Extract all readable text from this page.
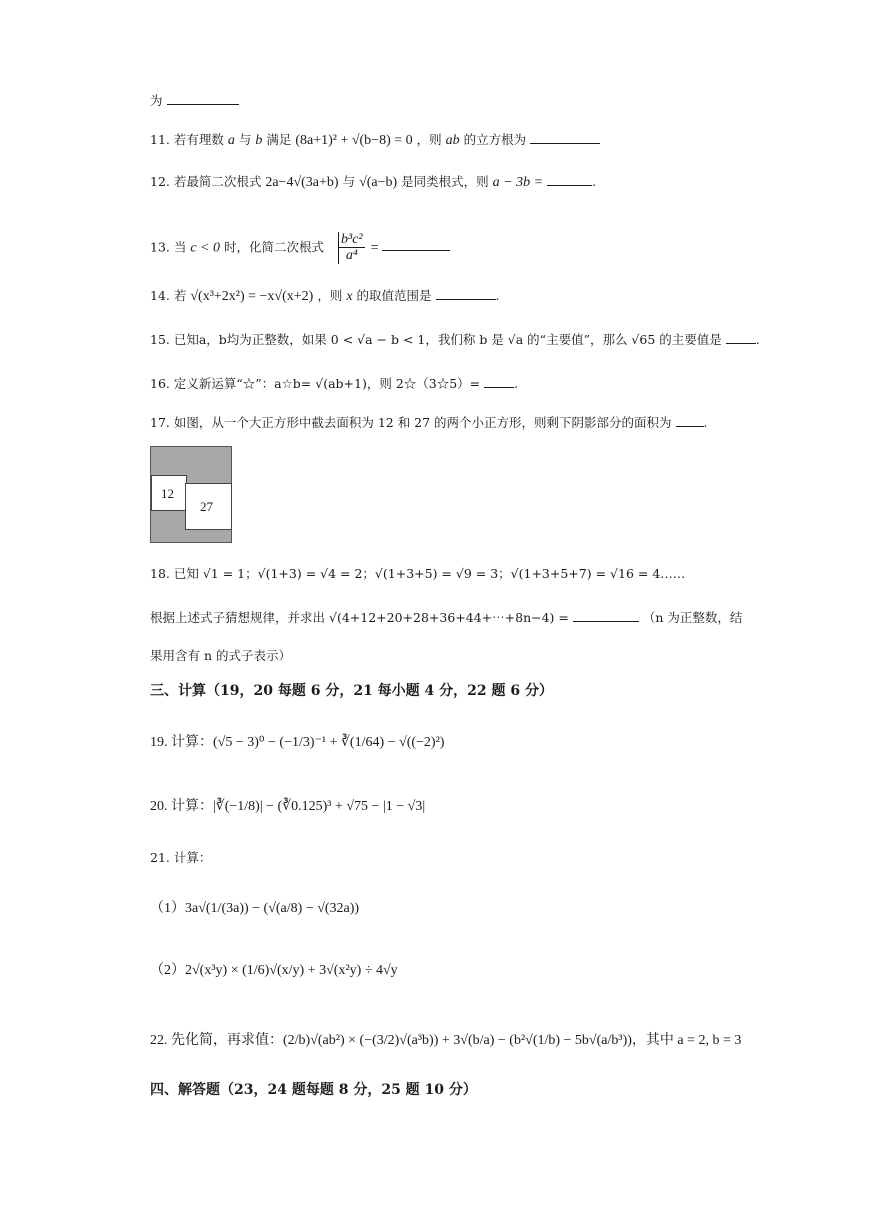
为
11. 若有理数 a 与 b 满足 (8a+1)² + √(b−8) = 0 ，则 ab 的立方根为
12. 若最简二次根式 2a−4√(3a+b) 与 √(a−b) 是同类根式，则 a − 3b =	.
13. 当 c < 0 时，化简二次根式 $\frac{\text{b³c²}}{\text{a⁴}}$ =
14. 若 √(x³+2x²) = −x√(x+2) ，则 x 的取值范围是	.
15. 已知a，b均为正整数，如果 0 < √a − b < 1，我们称 b 是 √a 的“主要值”，那么 √65 的主要值是	.
16. 定义新运算“☆”：a☆b= √(ab+1)，则 2☆（3☆5）=	.
17. 如图，从一个大正方形中截去面积为 12 和 27 的两个小正方形，则剩下阴影部分的面积为	.
12
27
18. 已知 √1 = 1；√(1+3) = √4 = 2；√(1+3+5) = √9 = 3；√(1+3+5+7) = √16 = 4……
根据上述式子猜想规律，并求出 √(4+12+20+28+36+44+⋯+8n−4) =	（n 为正整数，结
果用含有 n 的式子表示）
三、计算（19，20 每题 6 分，21 每小题 4 分，22 题 6 分）
19. 计算：(√5 − 3)⁰ − (−1/3)⁻¹ + ∛(1/64) − √((−2)²)
20. 计算：|∛(−1/8)| − (∛0.125)³ + √75 − |1 − √3|
21. 计算：
（1）3a√(1/(3a)) − (√(a/8) − √(32a))
（2）2√(x³y) × (1/6)√(x/y) + 3√(x²y) ÷ 4√y
22. 先化简，再求值：(2/b)√(ab²) × (−(3/2)√(a³b)) + 3√(b/a) − (b²√(1/b) − 5b√(a/b³))，其中 a = 2, b = 3
四、解答题（23，24 题每题 8 分，25 题 10 分）
